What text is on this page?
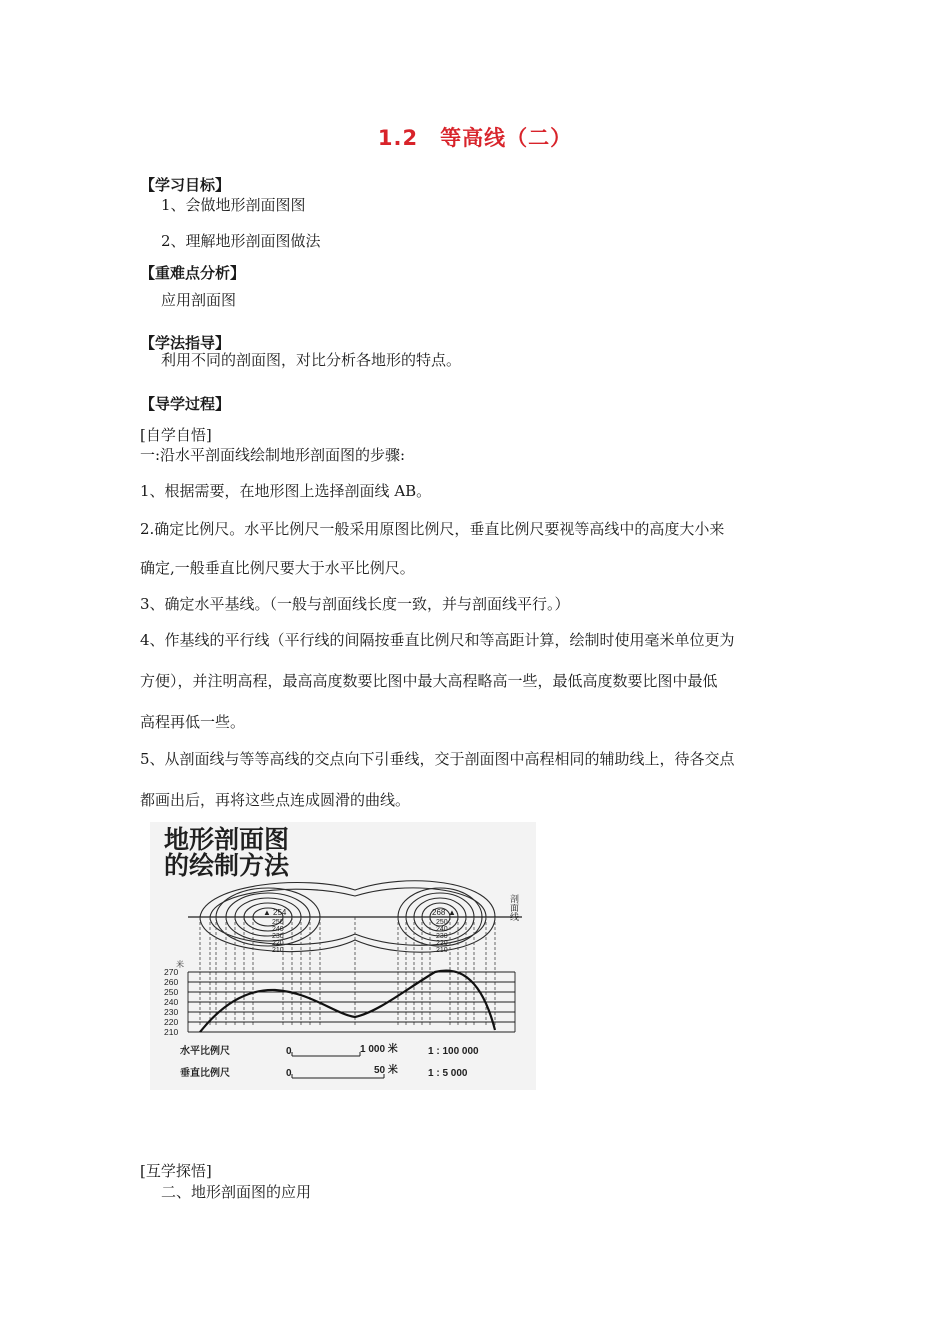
1.2　等高线（二）
【学习目标】
1、会做地形剖面图图
2、理解地形剖面图做法
【重难点分析】
应用剖面图
【学法指导】
利用不同的剖面图，对比分析各地形的特点。
【导学过程】
[自学自悟]
一:沿水平剖面线绘制地形剖面图的步骤:
1、根据需要，在地形图上选择剖面线 AB。
2.确定比例尺。水平比例尺一般采用原图比例尺，垂直比例尺要视等高线中的高度大小来
确定,一般垂直比例尺要大于水平比例尺。
3、确定水平基线。（一般与剖面线长度一致，并与剖面线平行。）
4、作基线的平行线（平行线的间隔按垂直比例尺和等高距计算，绘制时使用毫米单位更为
方便），并注明高程，最高高度数要比图中最大高程略高一些，最低高度数要比图中最低
高程再低一些。
5、从剖面线与等等高线的交点向下引垂线，交于剖面图中高程相同的辅助线上，待各交点
都画出后，再将这些点连成圆滑的曲线。
地形剖面图
的绘制方法
剖面线
▲ 254	268 ▲
250
240
230
220
210
250
240
230
220
210
米
270
260
250
240
230
220
210
水平比例尺	0	1 000 米	1 : 100 000
垂直比例尺	0	50 米	1 : 5 000
[互学探悟]
二、地形剖面图的应用
